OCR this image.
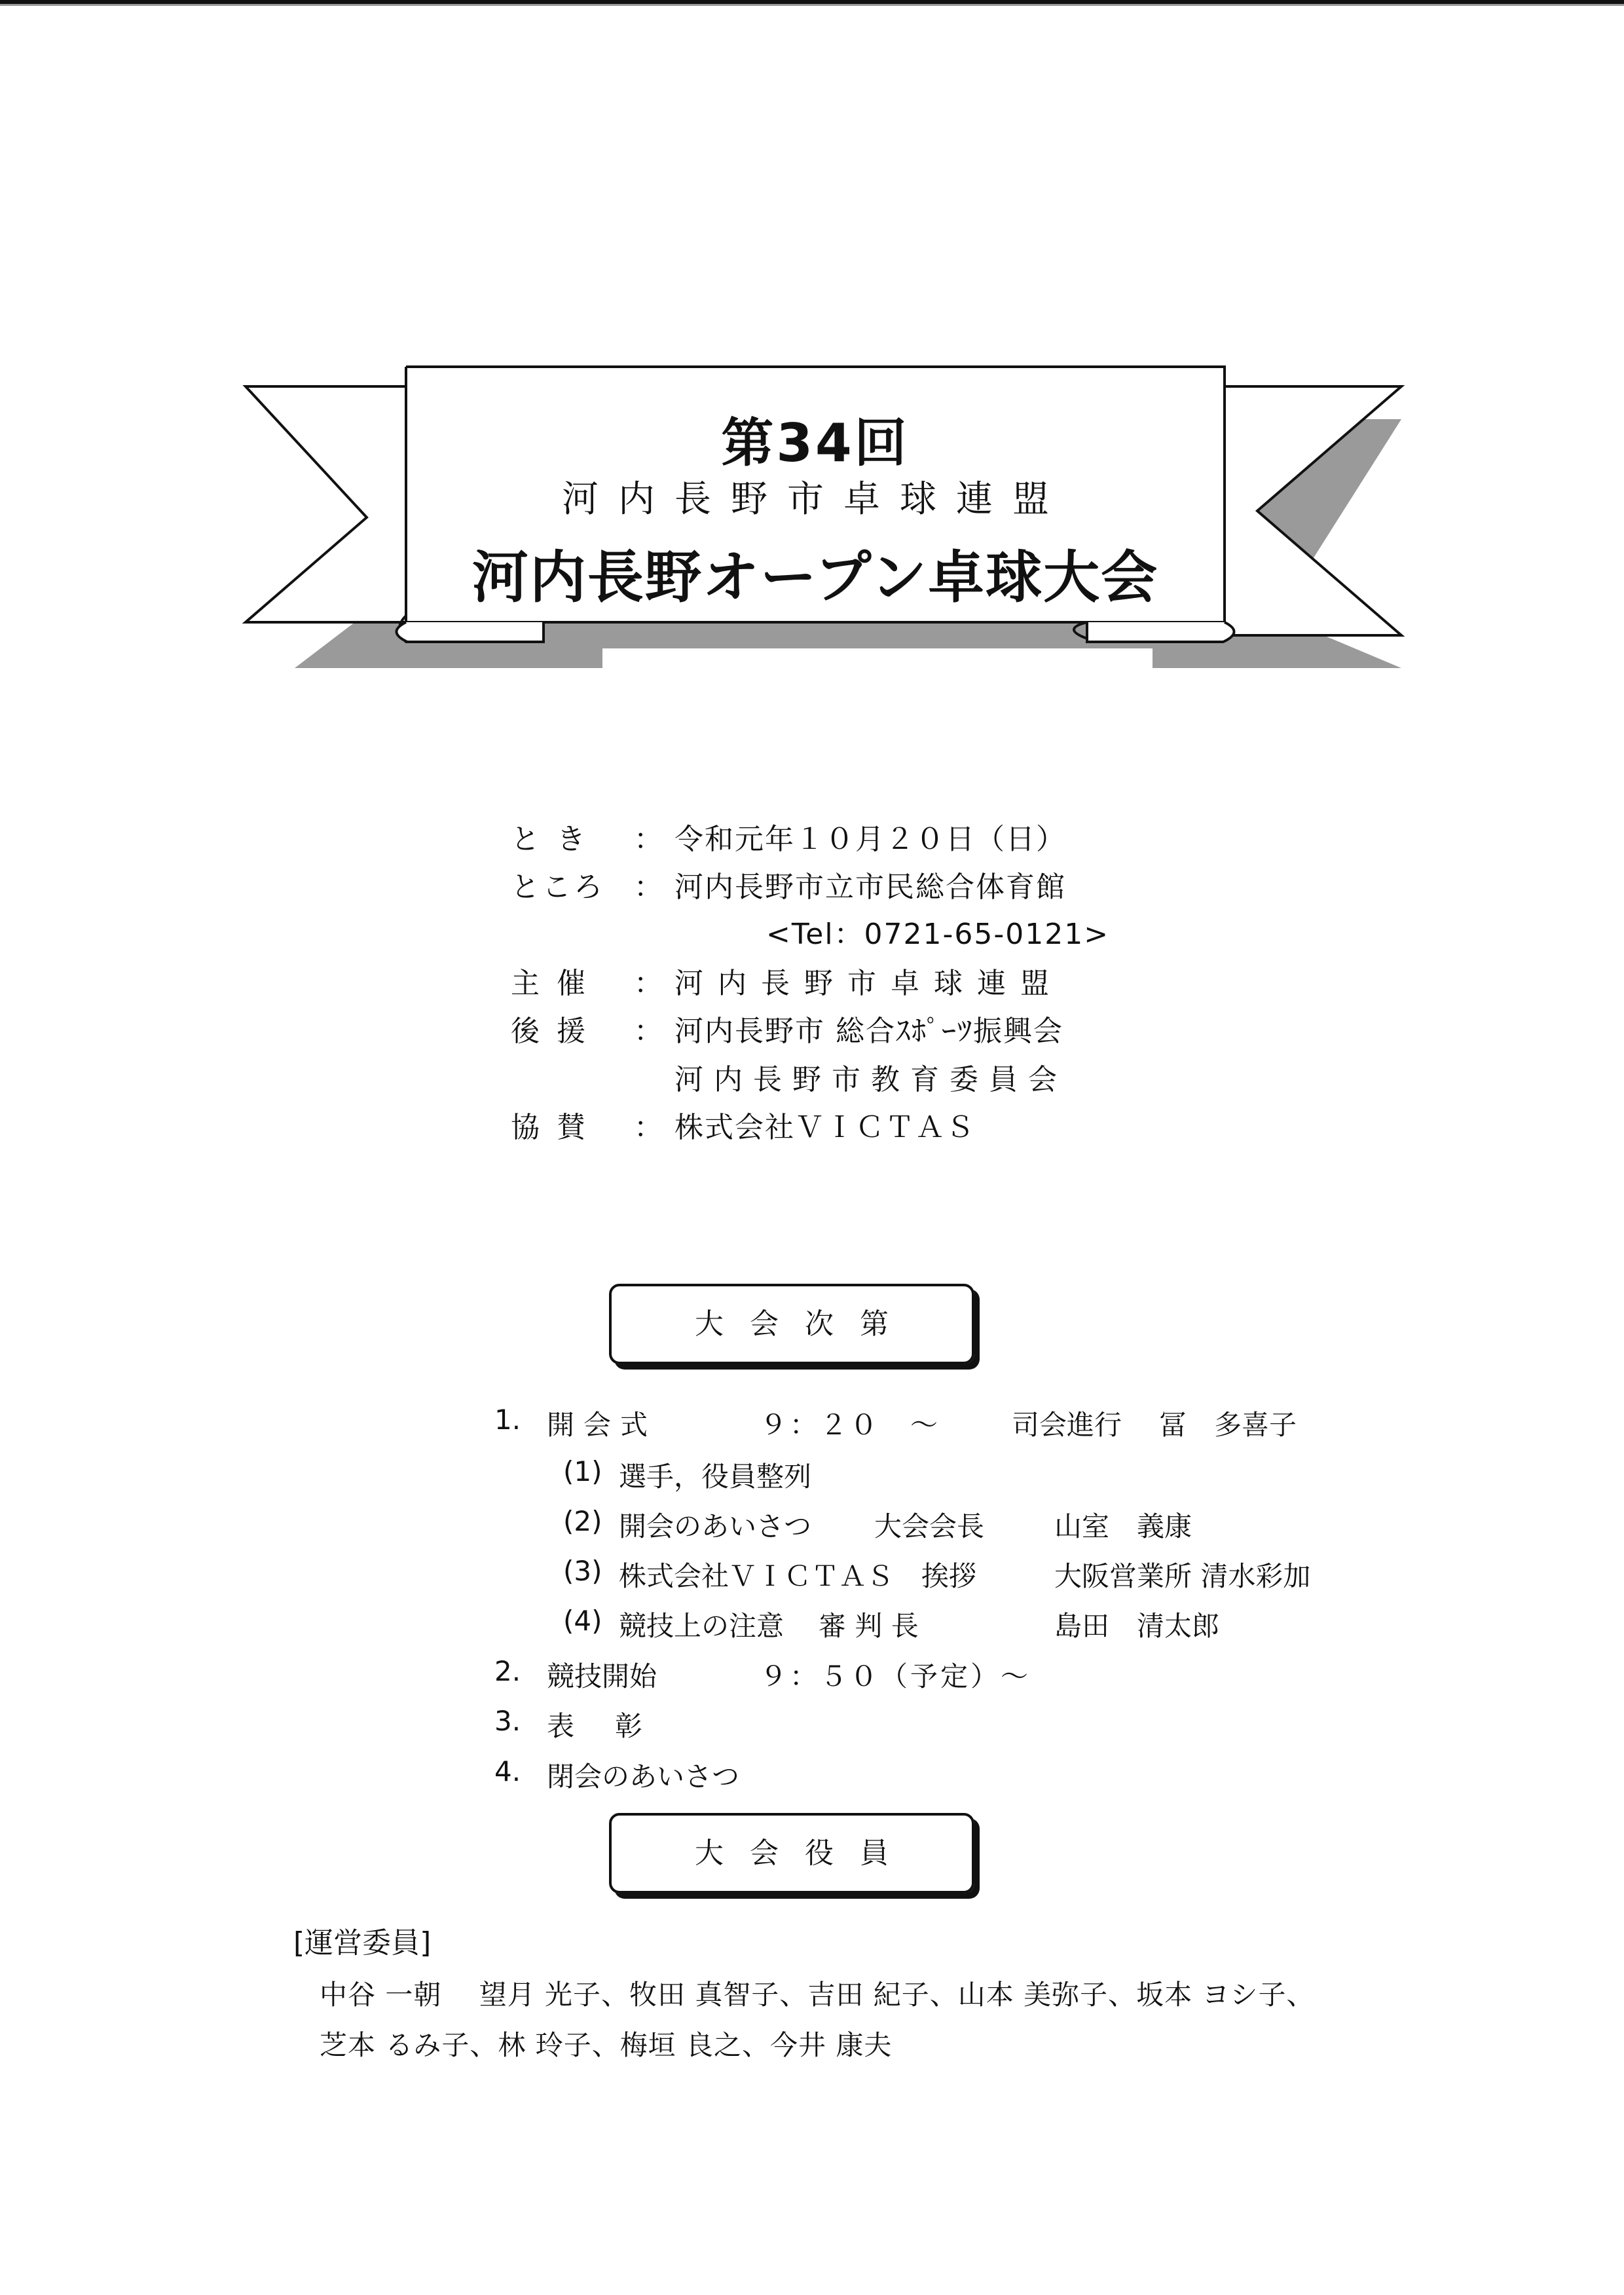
第34回
河内長野市卓球連盟
河内長野オープン卓球大会
とき ： 令和元年１０月２０日（日）
ところ ： 河内長野市立市民総合体育館
<Tel：0721-65-0121>
主催 ： 河内長野市卓球連盟
後援 ： 河内長野市 総合ｽﾎﾟｰﾂ振興会
河内長野市教育委員会
協賛 ： 株式会社ＶＩＣＴＡＳ
大会次第
1. 開会式	９：２０　～	司会進行 冨　多喜子
(1) 選手，役員整列
(2) 開会のあいさつ 大会会長	山室　義康
(3) 株式会社ＶＩＣＴＡＳ　挨拶	大阪営業所 清水彩加
(4) 競技上の注意 審 判 長	島田　清太郎
2. 競技開始	９：５０（予定）～
3. 表　彰
4. 閉会のあいさつ
大会役員
[運営委員]
中谷 一朝　 望月 光子、牧田 真智子、吉田 紀子、山本 美弥子、坂本 ヨシ子、
芝本 るみ子、林 玲子、梅垣 良之、今井 康夫
